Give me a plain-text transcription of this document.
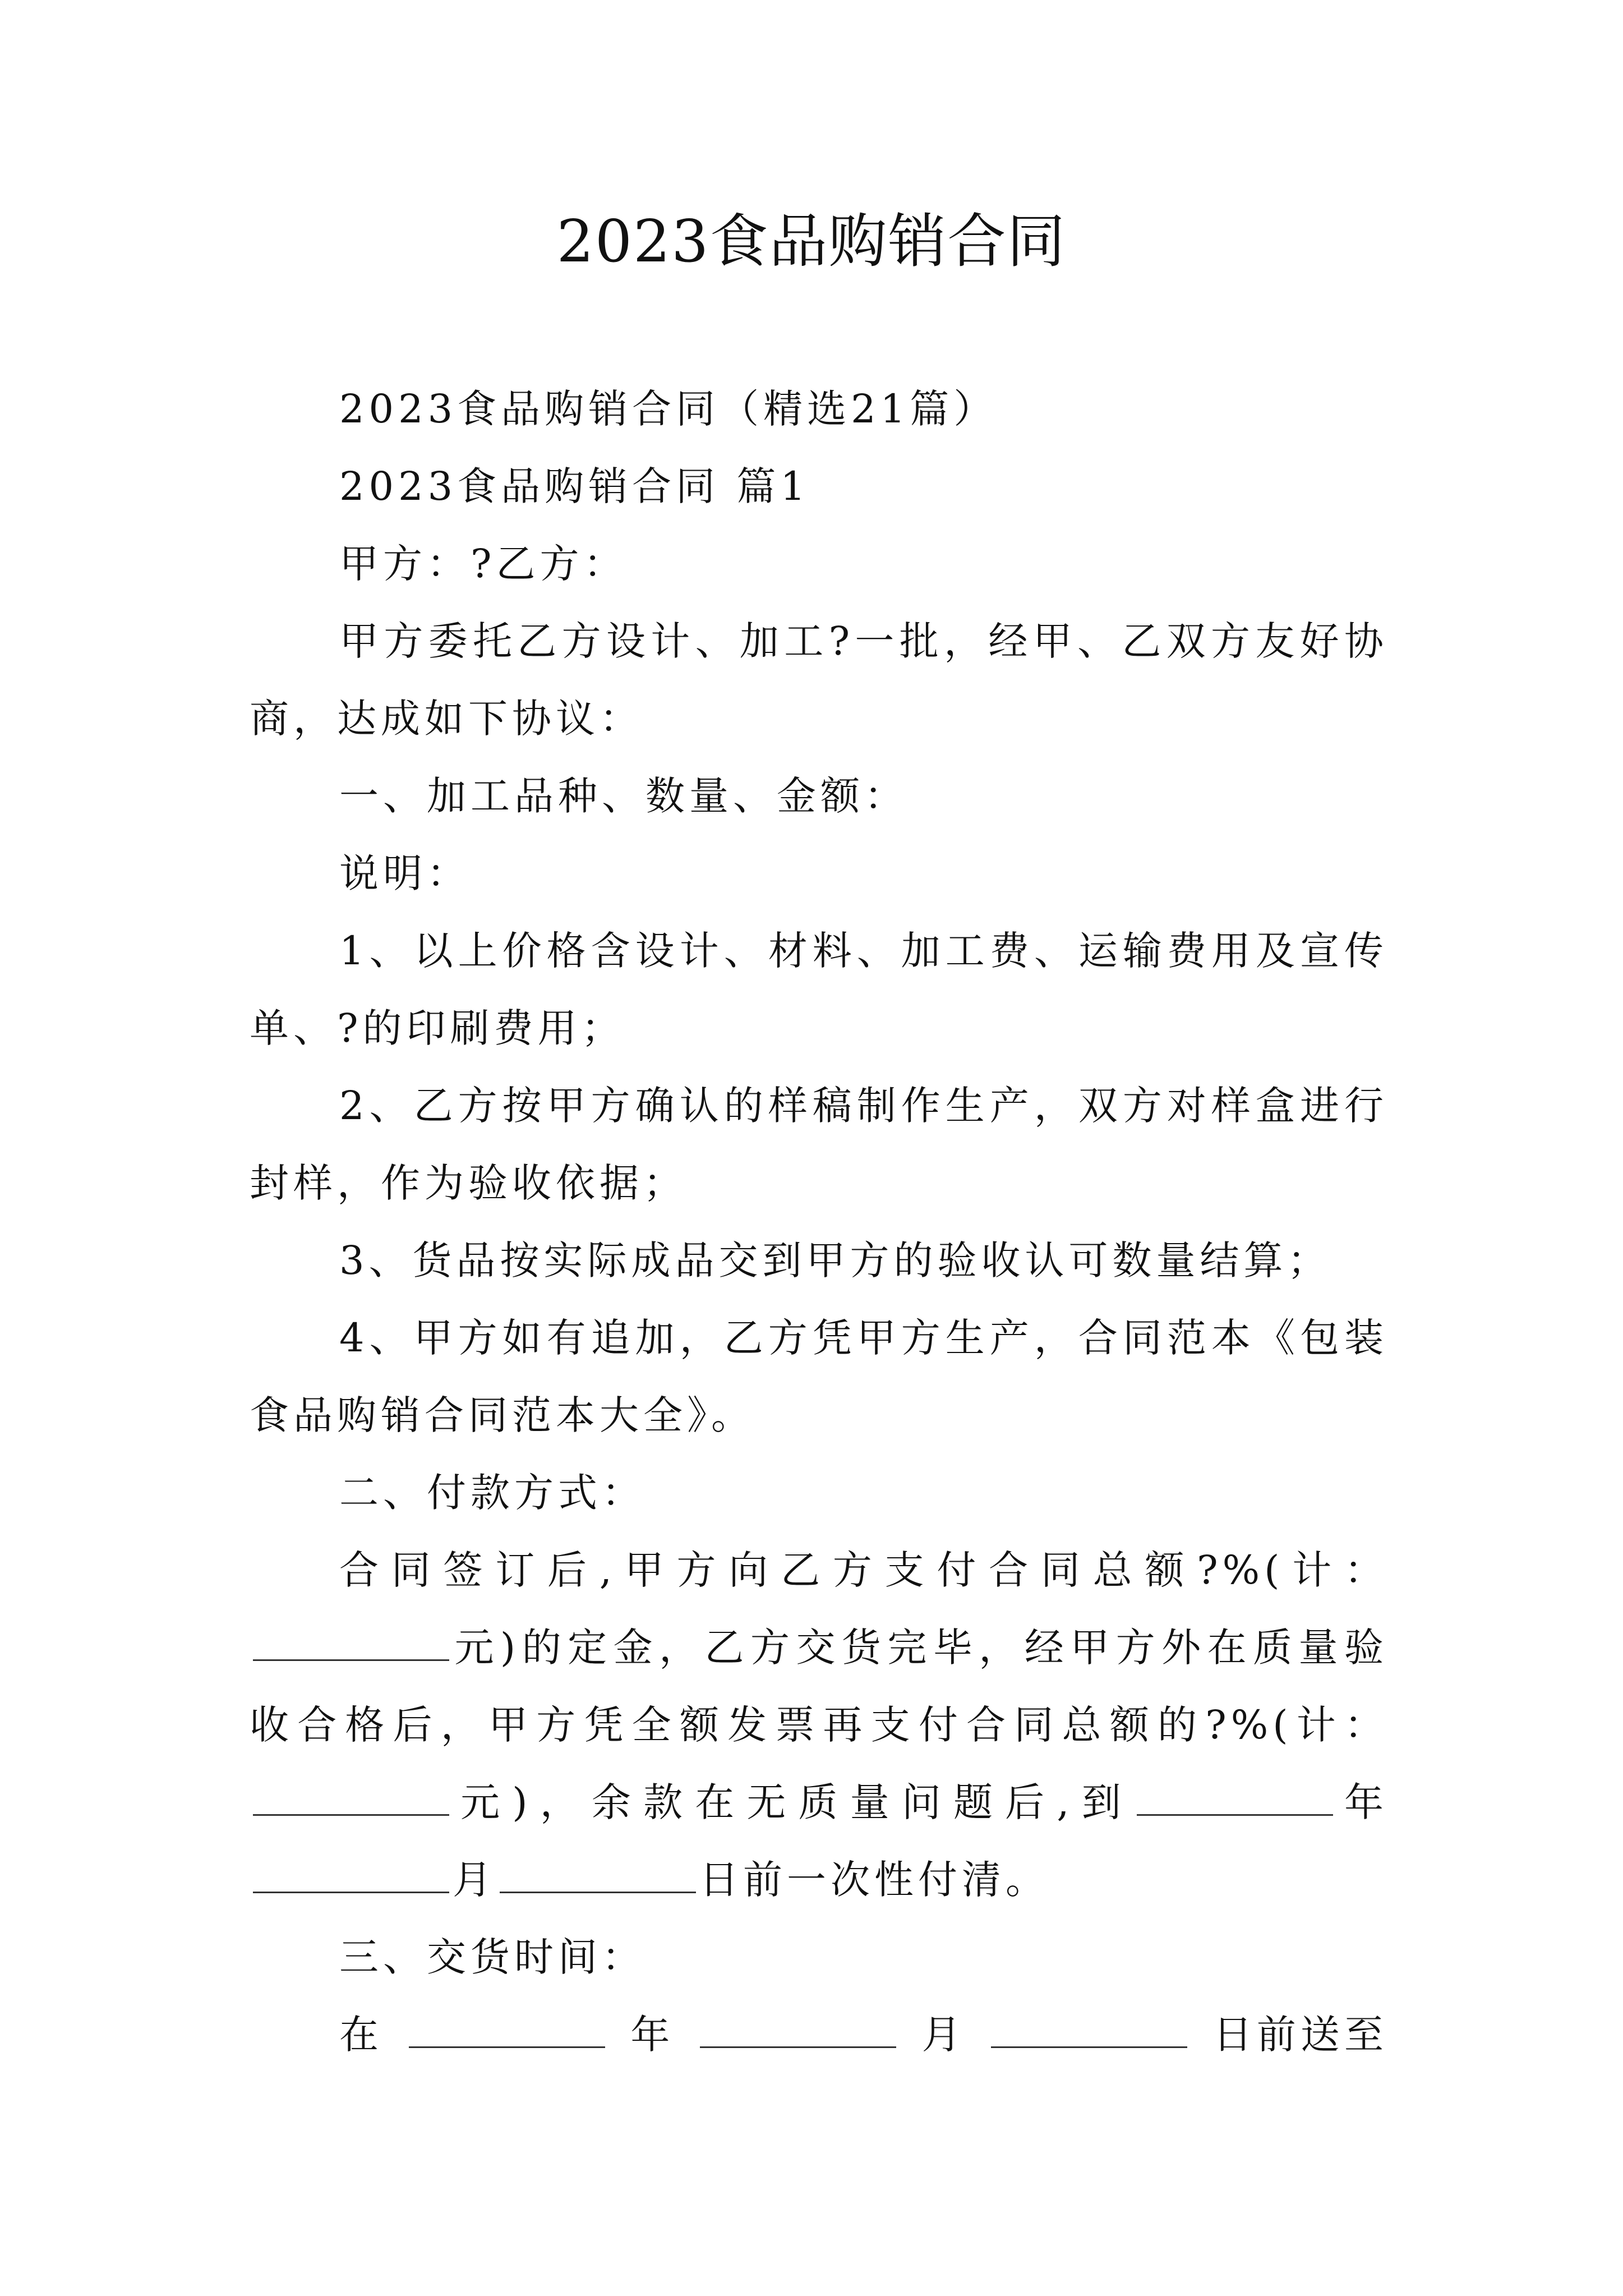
2023食品购销合同

2023食品购销合同（精选21篇）

2023食品购销合同 篇1

甲方：?乙方：

甲方委托乙方设计、加工?一批，经甲、乙双方友好协商，达成如下协议：

一、加工品种、数量、金额：

说明：

1、以上价格含设计、材料、加工费、运输费用及宣传单、?的印刷费用；

2、乙方按甲方确认的样稿制作生产，双方对样盒进行封样，作为验收依据；

3、货品按实际成品交到甲方的验收认可数量结算；

4、甲方如有追加，乙方凭甲方生产，合同范本《包装食品购销合同范本大全》。

二、付款方式：

合同签订后,甲方向乙方支付合同总额?%(计：元)的定金，乙方交货完毕，经甲方外在质量验收合格后，甲方凭全额发票再支付合同总额的?%(计：元)，余款在无质量问题后,到	年月	日前一次性付清。

三、交货时间：

在	年	月	日前送至
